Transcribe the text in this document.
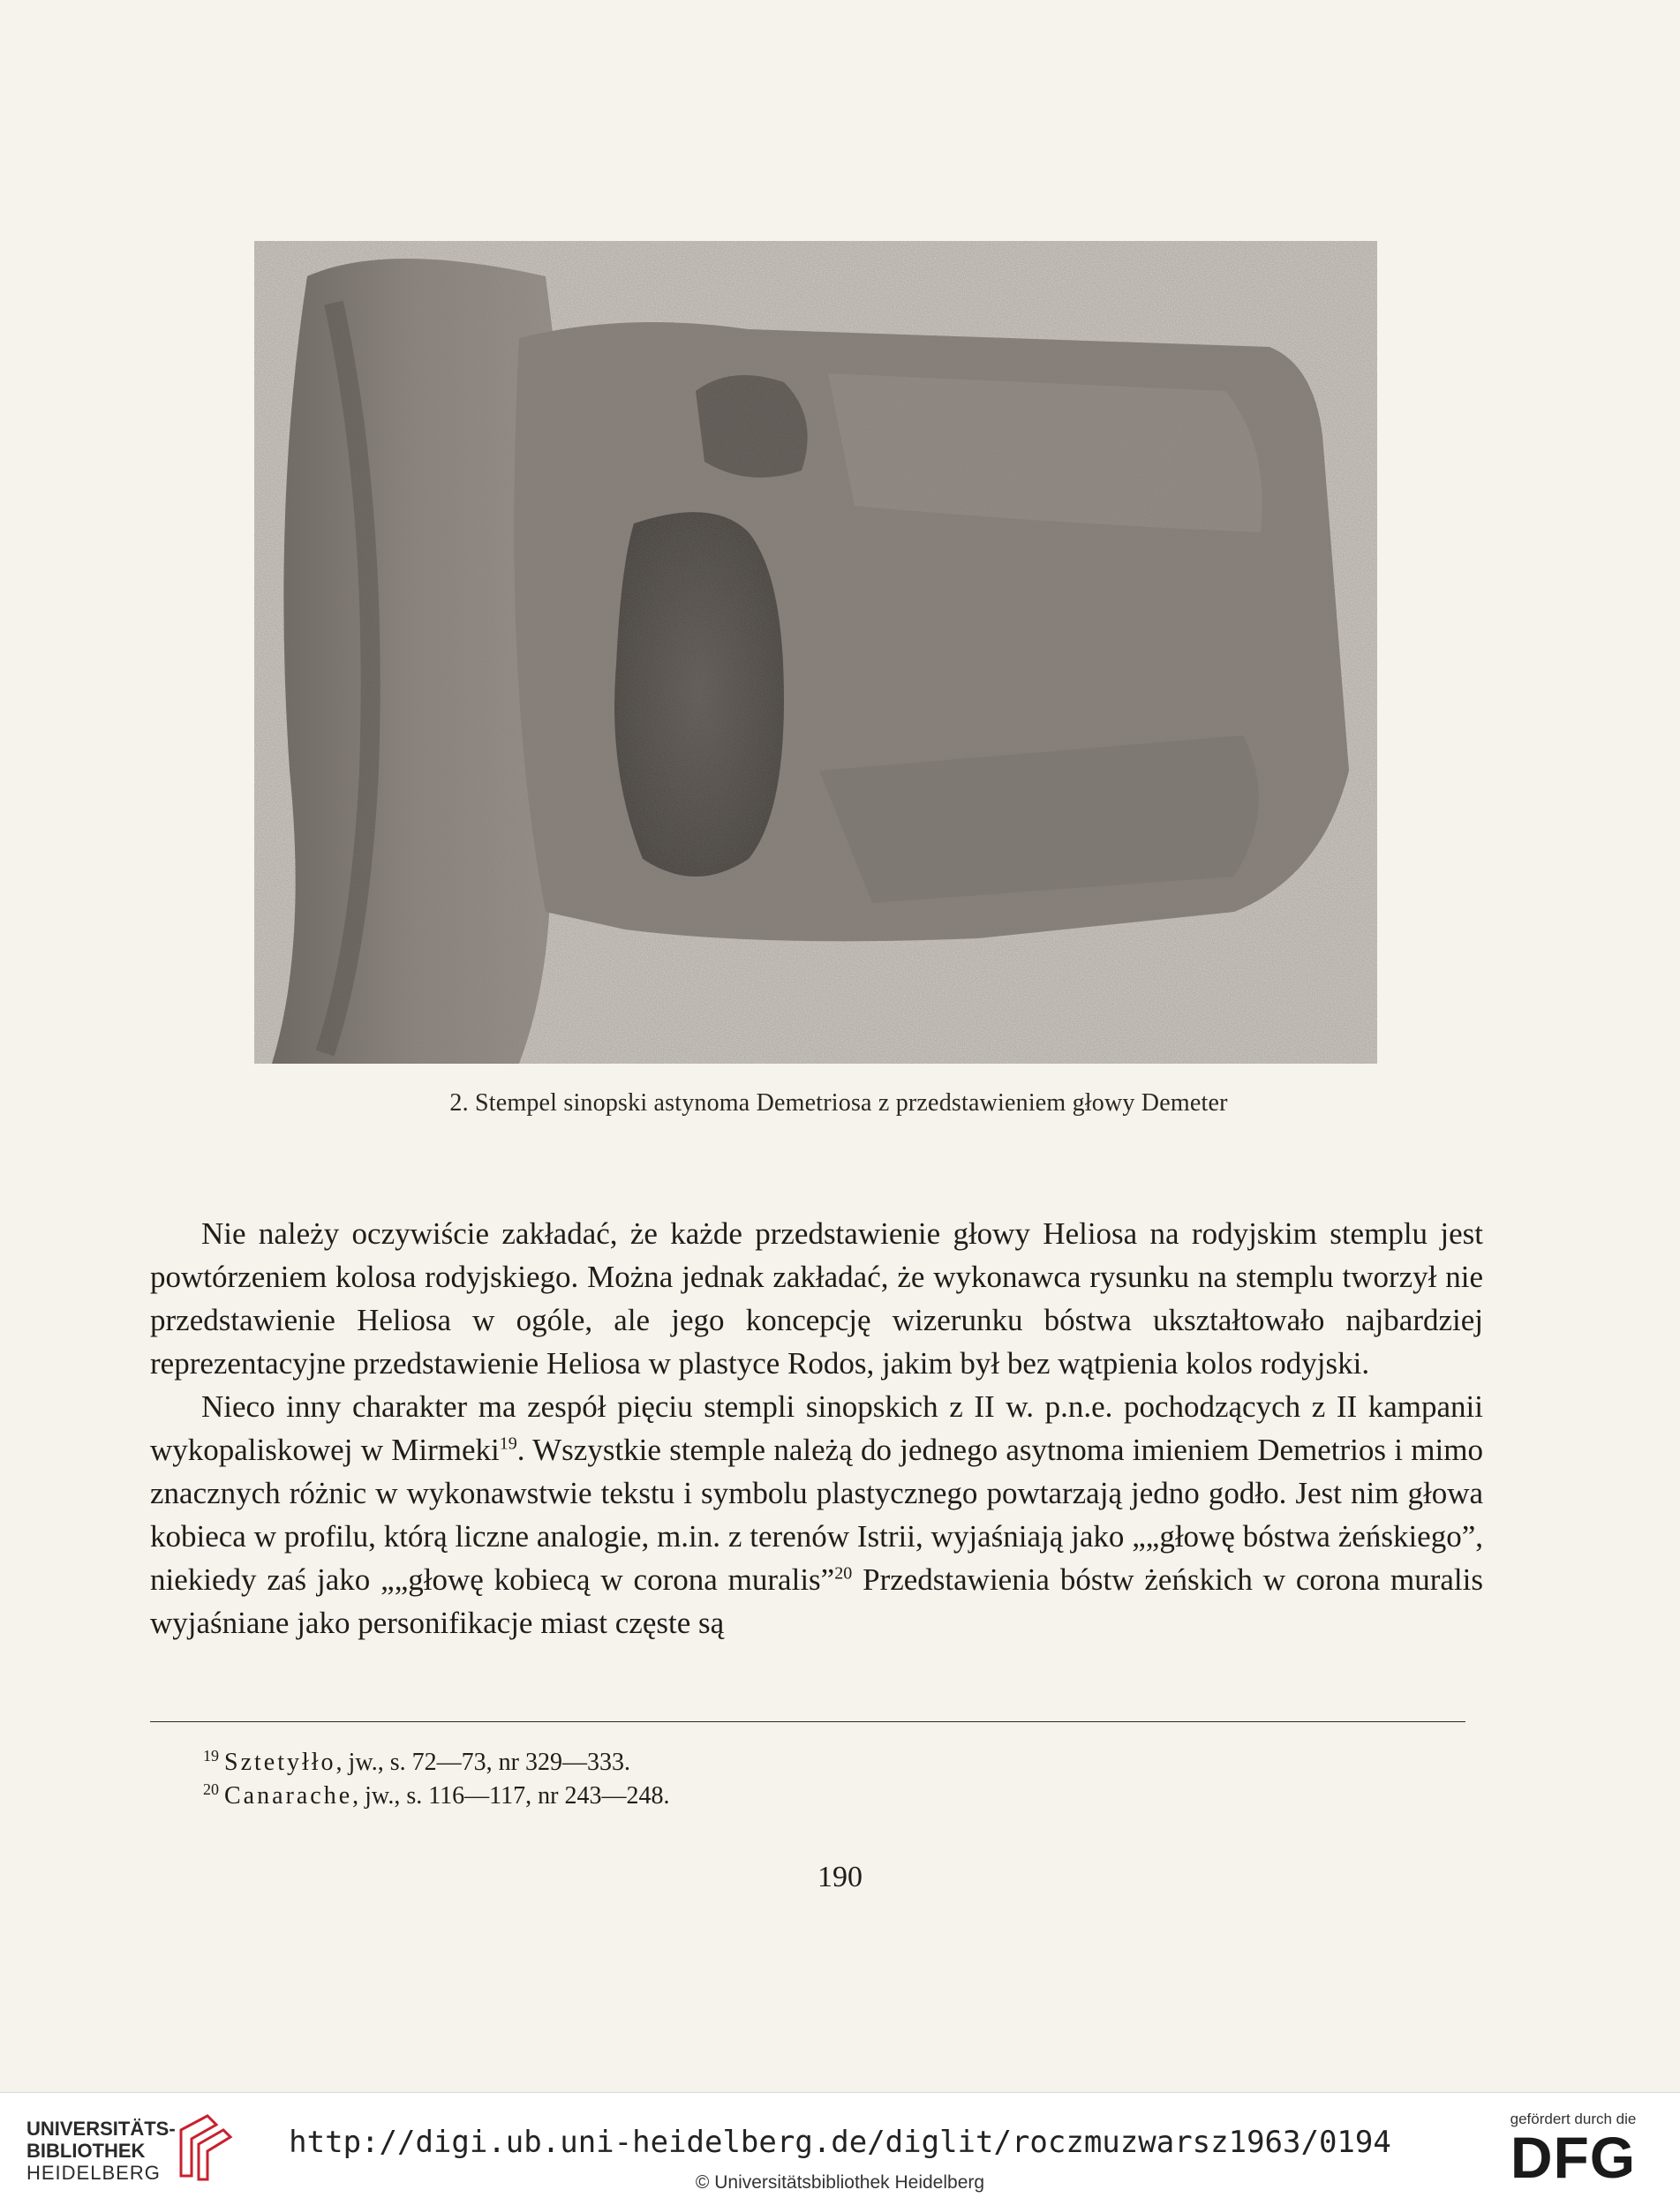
2. Stempel sinopski astynoma Demetriosa z przedstawieniem głowy Demeter

Nie należy oczywiście zakładać, że każde przedstawienie głowy Heliosa na rodyjskim stemplu jest powtórzeniem kolosa rodyjskiego. Można jednak zakładać, że wykonawca rysunku na stemplu tworzył nie przedstawienie Heliosa w ogóle, ale jego koncepcję wizerunku bóstwa ukształtowało najbardziej reprezentacyjne przedstawienie Heliosa w plastyce Rodos, jakim był bez wątpienia kolos rodyjski.

Nieco inny charakter ma zespół pięciu stempli sinopskich z II w. p.n.e. pochodzących z II kampanii wykopaliskowej w Mirmeki$^{19}$. Wszystkie stemple należą do jednego asytnoma imieniem Demetrios i mimo znacznych różnic w wykonawstwie tekstu i symbolu plastycznego powtarzają jedno godło. Jest nim głowa kobieca w profilu, którą liczne analogie, m.in. z terenów Istrii, wyjaśniają jako „„głowę bóstwa żeńskiego”, niekiedy zaś jako „„głowę kobiecą w corona muralis”$^{20}$ Przedstawienia bóstw żeńskich w corona muralis wyjaśniane jako personifikacje miast częste są

$^{19}$ Sztetyłło, jw., s. 72—73, nr 329—333.

$^{20}$ Canarache, jw., s. 116—117, nr 243—248.

190
UNIVERSITÄTS-
BIBLIOTHEK
HEIDELBERG
http://digi.ub.uni-heidelberg.de/diglit/roczmuzwarsz1963/0194
© Universitätsbibliothek Heidelberg
gefördert durch die
DFG
